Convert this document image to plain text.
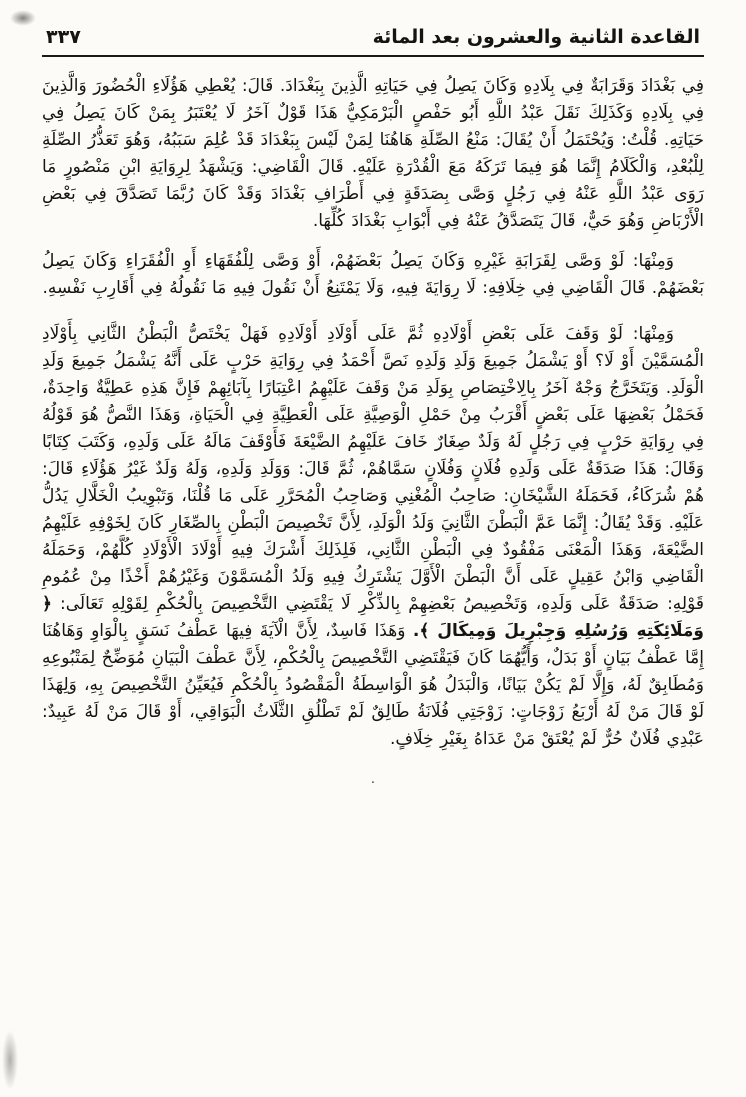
القاعدة الثانية والعشرون بعد المائة
٣٣٧

فِي بَغْدَادَ وَقَرَابَةٌ فِي بِلَادِهِ وَكَانَ يَصِلُ فِي حَيَاتِهِ الَّذِينَ بِبَغْدَادَ. قَالَ: يُعْطِي هَؤُلَاءِ الْحُضُورَ وَالَّذِينَ فِي بِلَادِهِ وَكَذَلِكَ نَقَلَ عَبْدُ اللَّهِ أَبُو حَفْصٍ الْبَرْمَكِيُّ هَذَا قَوْلٌ آخَرُ لَا يُعْتَبَرُ بِمَنْ كَانَ يَصِلُ فِي حَيَاتِهِ. قُلْتُ: وَيُحْتَمَلُ أَنْ يُقَالَ: مَنْعُ الصِّلَةِ هَاهُنَا لِمَنْ لَيْسَ بِبَغْدَادَ قَدْ عُلِمَ سَبَبُهُ، وَهُوَ تَعَذُّرُ الصِّلَةِ لِلْبُعْدِ، وَالْكَلَامُ إِنَّمَا هُوَ فِيمَا تَرَكَهُ مَعَ الْقُدْرَةِ عَلَيْهِ. قَالَ الْقَاضِي: وَيَشْهَدُ لِرِوَايَةِ ابْنِ مَنْصُورٍ مَا رَوَى عَبْدُ اللَّهِ عَنْهُ فِي رَجُلٍ وَصَّى بِصَدَقَةٍ فِي أَطْرَافِ بَغْدَادَ وَقَدْ كَانَ رُبَّمَا تَصَدَّقَ فِي بَعْضِ الْأَرْبَاضِ وَهُوَ حَيٌّ، قَالَ يَتَصَدَّقُ عَنْهُ فِي أَبْوَابِ بَغْدَادَ كُلِّهَا.

وَمِنْهَا: لَوْ وَصَّى لِقَرَابَةِ غَيْرِهِ وَكَانَ يَصِلُ بَعْضَهُمْ، أَوْ وَصَّى لِلْفُقَهَاءِ أَوِ الْفُقَرَاءِ وَكَانَ يَصِلُ بَعْضَهُمْ. قَالَ الْقَاضِي فِي خِلَافِهِ: لَا رِوَايَةَ فِيهِ، وَلَا يَمْتَنِعُ أَنْ نَقُولَ فِيهِ مَا نَقُولُهُ فِي أَقَارِبِ نَفْسِهِ.

وَمِنْهَا: لَوْ وَقَفَ عَلَى بَعْضِ أَوْلَادِهِ ثُمَّ عَلَى أَوْلَادِ أَوْلَادِهِ فَهَلْ يَخْتَصُّ الْبَطْنُ الثَّانِي بِأَوْلَادِ الْمُسَمَّيْنَ أَوْ لَا؟ أَوْ يَشْمَلُ جَمِيعَ وَلَدِ وَلَدِهِ نَصَّ أَحْمَدُ فِي رِوَايَةِ حَرْبٍ عَلَى أَنَّهُ يَشْمَلُ جَمِيعَ وَلَدِ الْوَلَدِ. وَيَتَخَرَّجُ وَجْهٌ آخَرُ بِالِاخْتِصَاصِ بِوَلَدِ مَنْ وَقَفَ عَلَيْهِمُ اعْتِبَارًا بِآبَائِهِمْ فَإِنَّ هَذِهِ عَطِيَّةٌ وَاحِدَةٌ، فَحَمْلُ بَعْضِهَا عَلَى بَعْضٍ أَقْرَبُ مِنْ حَمْلِ الْوَصِيَّةِ عَلَى الْعَطِيَّةِ فِي الْحَيَاةِ، وَهَذَا النَّصُّ هُوَ قَوْلُهُ فِي رِوَايَةِ حَرْبٍ فِي رَجُلٍ لَهُ وَلَدٌ صِغَارٌ خَافَ عَلَيْهِمُ الضَّيْعَةَ فَأَوْقَفَ مَالَهُ عَلَى وَلَدِهِ، وَكَتَبَ كِتَابًا وَقَالَ: هَذَا صَدَقَةٌ عَلَى وَلَدِهِ فُلَانٍ وَفُلَانٍ سَمَّاهُمْ، ثُمَّ قَالَ: وَوَلَدِ وَلَدِهِ، وَلَهُ وَلَدٌ غَيْرُ هَؤُلَاءِ قَالَ: هُمْ شُرَكَاءُ، فَحَمَلَهُ الشَّيْخَانِ: صَاحِبُ الْمُغْنِي وَصَاحِبُ الْمُحَرَّرِ عَلَى مَا قُلْنَا، وَتَبْوِيبُ الْخَلَّالِ يَدُلُّ عَلَيْهِ. وَقَدْ يُقَالُ: إِنَّمَا عَمَّ الْبَطْنَ الثَّانِيَ وَلَدُ الْوَلَدِ، لِأَنَّ تَخْصِيصَ الْبَطْنِ بِالصِّغَارِ كَانَ لِخَوْفِهِ عَلَيْهِمُ الضَّيْعَةَ، وَهَذَا الْمَعْنَى مَفْقُودٌ فِي الْبَطْنِ الثَّانِي، فَلِذَلِكَ أَشْرَكَ فِيهِ أَوْلَادَ الْأَوْلَادِ كُلَّهُمْ، وَحَمَلَهُ الْقَاضِي وَابْنُ عَقِيلٍ عَلَى أَنَّ الْبَطْنَ الْأَوَّلَ يَشْتَرِكُ فِيهِ وَلَدُ الْمُسَمَّوْنَ وَغَيْرُهُمْ أَخْذًا مِنْ عُمُومِ قَوْلِهِ: صَدَقَةٌ عَلَى وَلَدِهِ، وَتَخْصِيصُ بَعْضِهِمْ بِالذِّكْرِ لَا يَقْتَضِي التَّخْصِيصَ بِالْحُكْمِ لِقَوْلِهِ تَعَالَى: ﴿ وَمَلَائِكَتِهِ وَرُسُلِهِ وَجِبْرِيلَ وَمِيكَالَ ﴾. وَهَذَا فَاسِدٌ، لِأَنَّ الْآيَةَ فِيهَا عَطْفُ نَسَقٍ بِالْوَاوِ وَهَاهُنَا إِمَّا عَطْفُ بَيَانٍ أَوْ بَدَلٌ، وَأَيُّهُمَا كَانَ فَيَقْتَضِي التَّخْصِيصَ بِالْحُكْمِ، لِأَنَّ عَطْفَ الْبَيَانِ مُوَضِّحٌ لِمَتْبُوعِهِ وَمُطَابِقٌ لَهُ، وَإِلَّا لَمْ يَكُنْ بَيَانًا، وَالْبَدَلُ هُوَ الْوَاسِطَةُ الْمَقْصُودُ بِالْحُكْمِ فَيُعَيِّنُ التَّخْصِيصَ بِهِ، وَلِهَذَا لَوْ قَالَ مَنْ لَهُ أَرْبَعُ زَوْجَاتٍ: زَوْجَتِي فُلَانَةُ طَالِقٌ لَمْ تَطْلُقِ الثَّلَاثُ الْبَوَاقِي، أَوْ قَالَ مَنْ لَهُ عَبِيدٌ: عَبْدِي فُلَانٌ حُرٌّ لَمْ يُعْتَقْ مَنْ عَدَاهُ بِغَيْرِ خِلَافٍ.

.
